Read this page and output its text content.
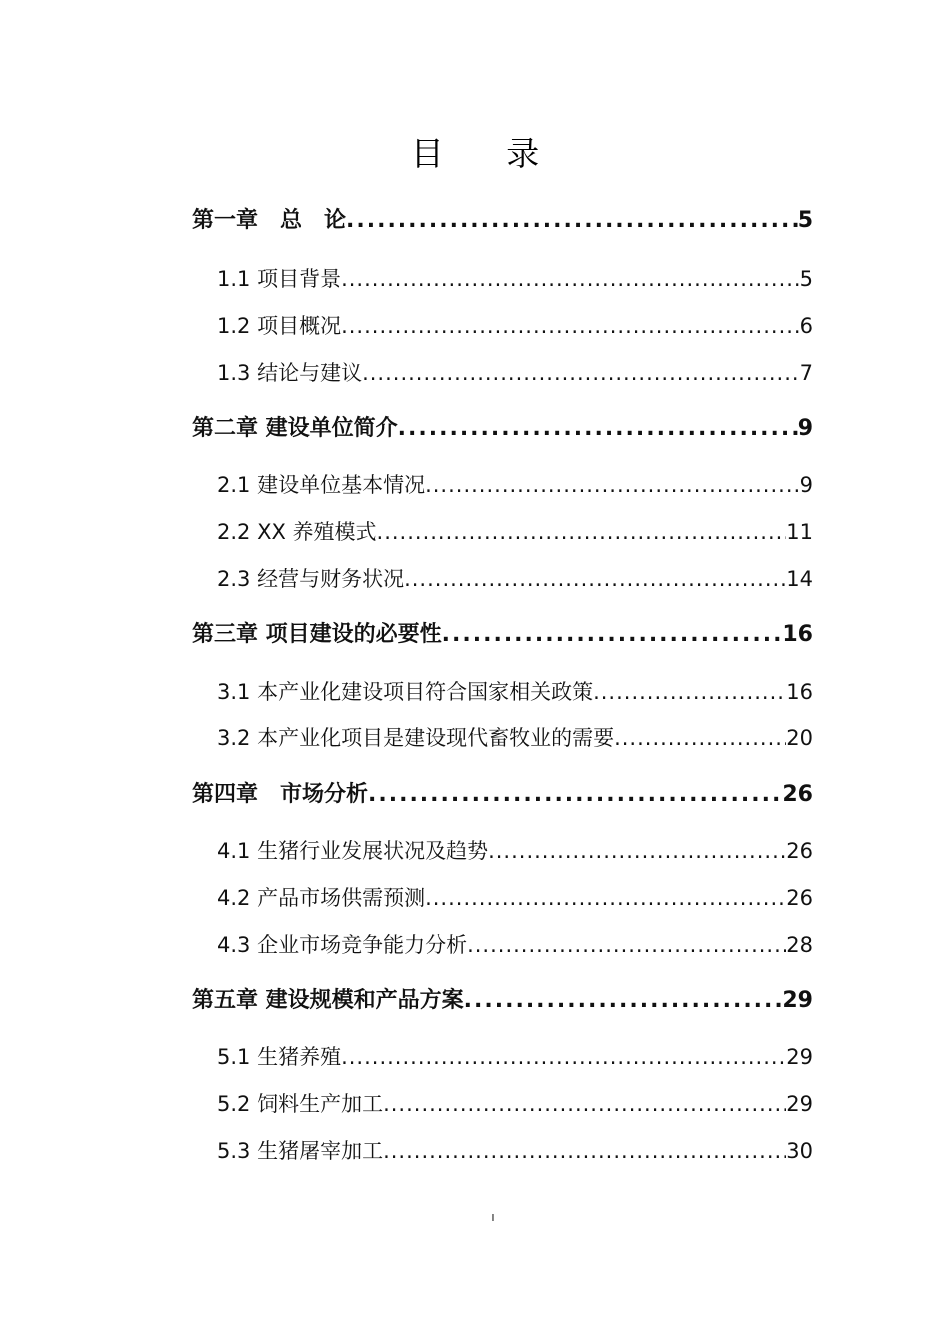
目 录
第一章　总　论 .....	5
1.1 项目背景 .....	5
1.2 项目概况 .....	6
1.3 结论与建议 .....	7
第二章 建设单位简介 .....	9
2.1 建设单位基本情况 .....	9
2.2 XX 养殖模式 .....	11
2.3 经营与财务状况 .....	14
第三章 项目建设的必要性 .....	16
3.1 本产业化建设项目符合国家相关政策 .....	16
3.2 本产业化项目是建设现代畜牧业的需要 .....	20
第四章　市场分析 .....	26
4.1 生猪行业发展状况及趋势 .....	26
4.2 产品市场供需预测 .....	26
4.3 企业市场竞争能力分析 .....	28
第五章 建设规模和产品方案 .....	29
5.1 生猪养殖 .....	29
5.2 饲料生产加工 .....	29
5.3 生猪屠宰加工 .....	30
I
